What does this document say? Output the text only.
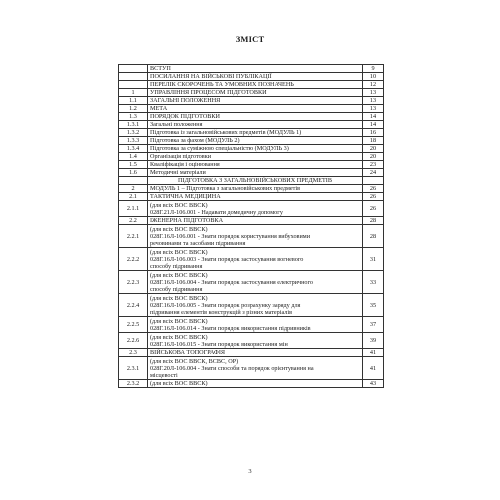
ЗМІСТ
	ВСТУП	9
	ПОСИЛАННЯ НА ВІЙСЬКОВІ ПУБЛІКАЦІЇ	10
	ПЕРЕЛІК СКОРОЧЕНЬ ТА УМОВНИХ ПОЗНАЧЕНЬ	12
1	УПРАВЛІННЯ ПРОЦЕСОМ ПІДГОТОВКИ	13
1.1	ЗАГАЛЬНІ ПОЛОЖЕННЯ	13
1.2	МЕТА	13
1.3	ПОРЯДОК ПІДГОТОВКИ	14
1.3.1	Загальні положення	14
1.3.2	Підготовка із загальновійськових предметів (МОДУЛЬ 1)	16
1.3.3	Підготовка за фахом (МОДУЛЬ 2)	18
1.3.4	Підготовка за суміжною спеціальністю (МОДУЛЬ 3)	20
1.4	Організація підготовки	20
1.5	Кваліфікація і оцінювання	23
1.6	Методичні матеріали	24
	ПІДГОТОВКА З ЗАГАЛЬНОВІЙСЬКОВИХ ПРЕДМЕТІВ	
2	МОДУЛЬ 1 – Підготовка з загальновійськових предметів	26
2.1	ТАКТИЧНА МЕДИЦИНА	26
2.1.1	(для всіх ВОС ВВСК)
028Г.21Л-106.001 - Надавати домедичну допомогу	26
2.2	ІЖЕНЕРНА ПІДГОТОВКА	28
2.2.1	(для всіх ВОС ВВСК)
028Г.16Л-106.001 - Знати порядок користування вибуховими
речовинами та засобами підривання	28
2.2.2	(для всіх ВОС ВВСК)
028Г.16Л-106.003 - Знати порядок застосування вогневого
способу підривання	31
2.2.3	(для всіх ВОС ВВСК)
028Г.16Л-106.004 - Знати порядок застосування електричного
способу підривання	33
2.2.4	(для всіх ВОС ВВСК)
028Г.16Л-106.005 - Знати порядок розрахунку заряду для
підривання елементів конструкцій з різних матеріалів	35
2.2.5	(для всіх ВОС ВВСК)
028Г.16Л-106.014 - Знати порядок використання підривників	37
2.2.6	(для всіх ВОС ВВСК)
028Г.16Л-106.015 - Знати порядок використання мін	39
2.3	ВІЙСЬКОВА ТОПОГРАФІЯ	41
2.3.1	(для всіх ВОС ВВСК, ВСВС, ОР)
028Г.20Л-106.004 - Знати способи та порядок орієнтування на
місцевості	41
2.3.2	(для всіх ВОС ВВСК)	43
3
